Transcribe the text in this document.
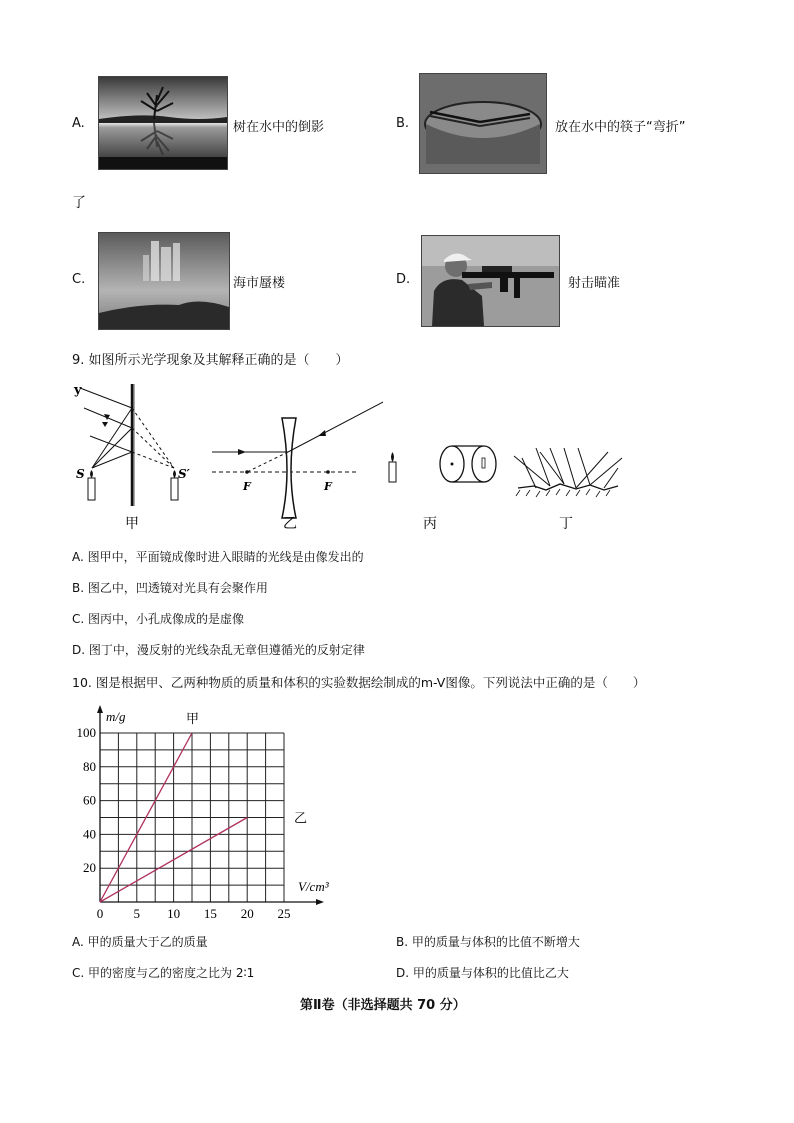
A.	树在水中的倒影	B.	放在水中的筷子“弯折”
了
C.	海市蜃楼	D.	射击瞄准
9. 如图所示光学现象及其解释正确的是（　　）
y
S	S′
甲
F	F
乙	丙	丁
A. 图甲中，平面镜成像时进入眼睛的光线是由像发出的
B. 图乙中，凹透镜对光具有会聚作用
C. 图丙中，小孔成像成的是虚像
D. 图丁中，漫反射的光线杂乱无章但遵循光的反射定律
10. 图是根据甲、乙两种物质的质量和体积的实验数据绘制成的m-V图像。下列说法中正确的是（　　）
0 5 10 15 20 25
20
40
60
80
100
甲
乙
m/g
V/cm³
A. 甲的质量大于乙的质量	B. 甲的质量与体积的比值不断增大
C. 甲的密度与乙的密度之比为 2∶1	D. 甲的质量与体积的比值比乙大
第Ⅱ卷（非选择题共 70 分）
